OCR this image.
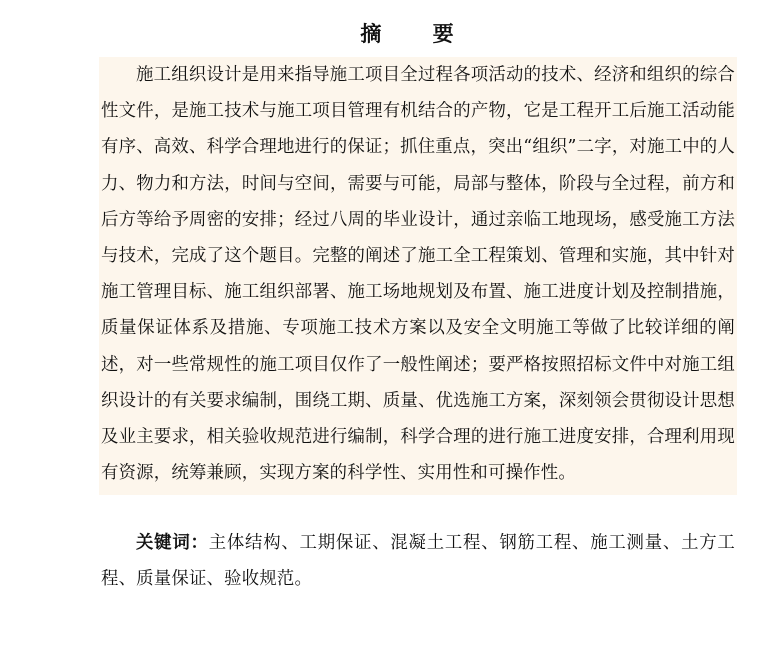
摘 要

施工组织设计是用来指导施工项目全过程各项活动的技术、经济和组织的综合性文件，是施工技术与施工项目管理有机结合的产物，它是工程开工后施工活动能有序、高效、科学合理地进行的保证；抓住重点，突出“组织”二字，对施工中的人力、物力和方法，时间与空间，需要与可能，局部与整体，阶段与全过程，前方和后方等给予周密的安排；经过八周的毕业设计，通过亲临工地现场，感受施工方法与技术，完成了这个题目。完整的阐述了施工全工程策划、管理和实施，其中针对施工管理目标、施工组织部署、施工场地规划及布置、施工进度计划及控制措施，质量保证体系及措施、专项施工技术方案以及安全文明施工等做了比较详细的阐述，对一些常规性的施工项目仅作了一般性阐述；要严格按照招标文件中对施工组织设计的有关要求编制，围绕工期、质量、优选施工方案，深刻领会贯彻设计思想及业主要求，相关验收规范进行编制，科学合理的进行施工进度安排，合理利用现有资源，统筹兼顾，实现方案的科学性、实用性和可操作性。

关键词：主体结构、工期保证、混凝土工程、钢筋工程、施工测量、土方工程、质量保证、验收规范。
